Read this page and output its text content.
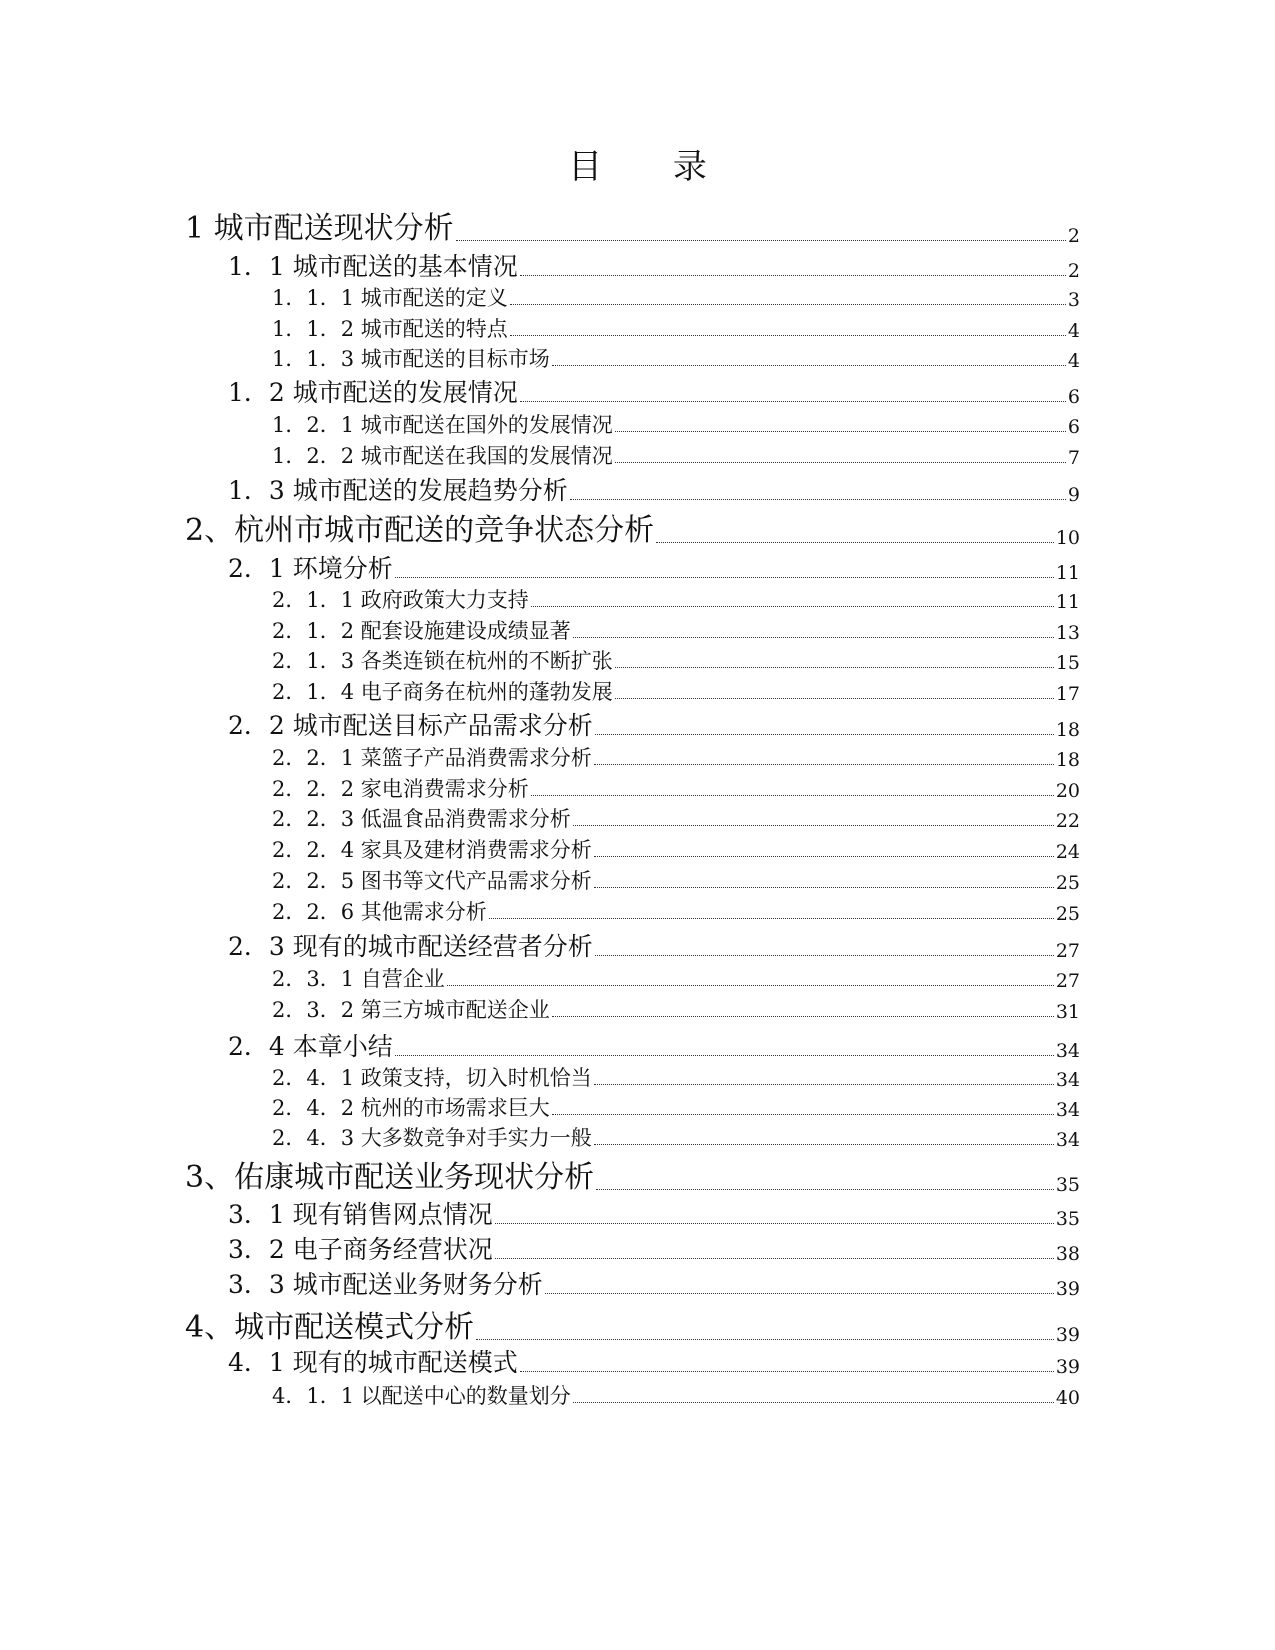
目 录
1 城市配送现状分析	2
1．1 城市配送的基本情况	2
1．1．1 城市配送的定义	3
1．1．2 城市配送的特点	4
1．1．3 城市配送的目标市场	4
1．2 城市配送的发展情况	6
1．2．1 城市配送在国外的发展情况	6
1．2．2 城市配送在我国的发展情况	7
1．3 城市配送的发展趋势分析	9
2、杭州市城市配送的竞争状态分析	10
2．1 环境分析	11
2．1．1 政府政策大力支持	11
2．1．2 配套设施建设成绩显著	13
2．1．3 各类连锁在杭州的不断扩张	15
2．1．4 电子商务在杭州的蓬勃发展	17
2．2 城市配送目标产品需求分析	18
2．2．1 菜篮子产品消费需求分析	18
2．2．2 家电消费需求分析	20
2．2．3 低温食品消费需求分析	22
2．2．4 家具及建材消费需求分析	24
2．2．5 图书等文代产品需求分析	25
2．2．6 其他需求分析	25
2．3 现有的城市配送经营者分析	27
2．3．1 自营企业	27
2．3．2 第三方城市配送企业	31
2．4 本章小结	34
2．4．1 政策支持，切入时机恰当	34
2．4．2 杭州的市场需求巨大	34
2．4．3 大多数竞争对手实力一般	34
3、佑康城市配送业务现状分析	35
3．1 现有销售网点情况	35
3．2 电子商务经营状况	38
3．3 城市配送业务财务分析	39
4、城市配送模式分析	39
4．1 现有的城市配送模式	39
4．1．1 以配送中心的数量划分	40
